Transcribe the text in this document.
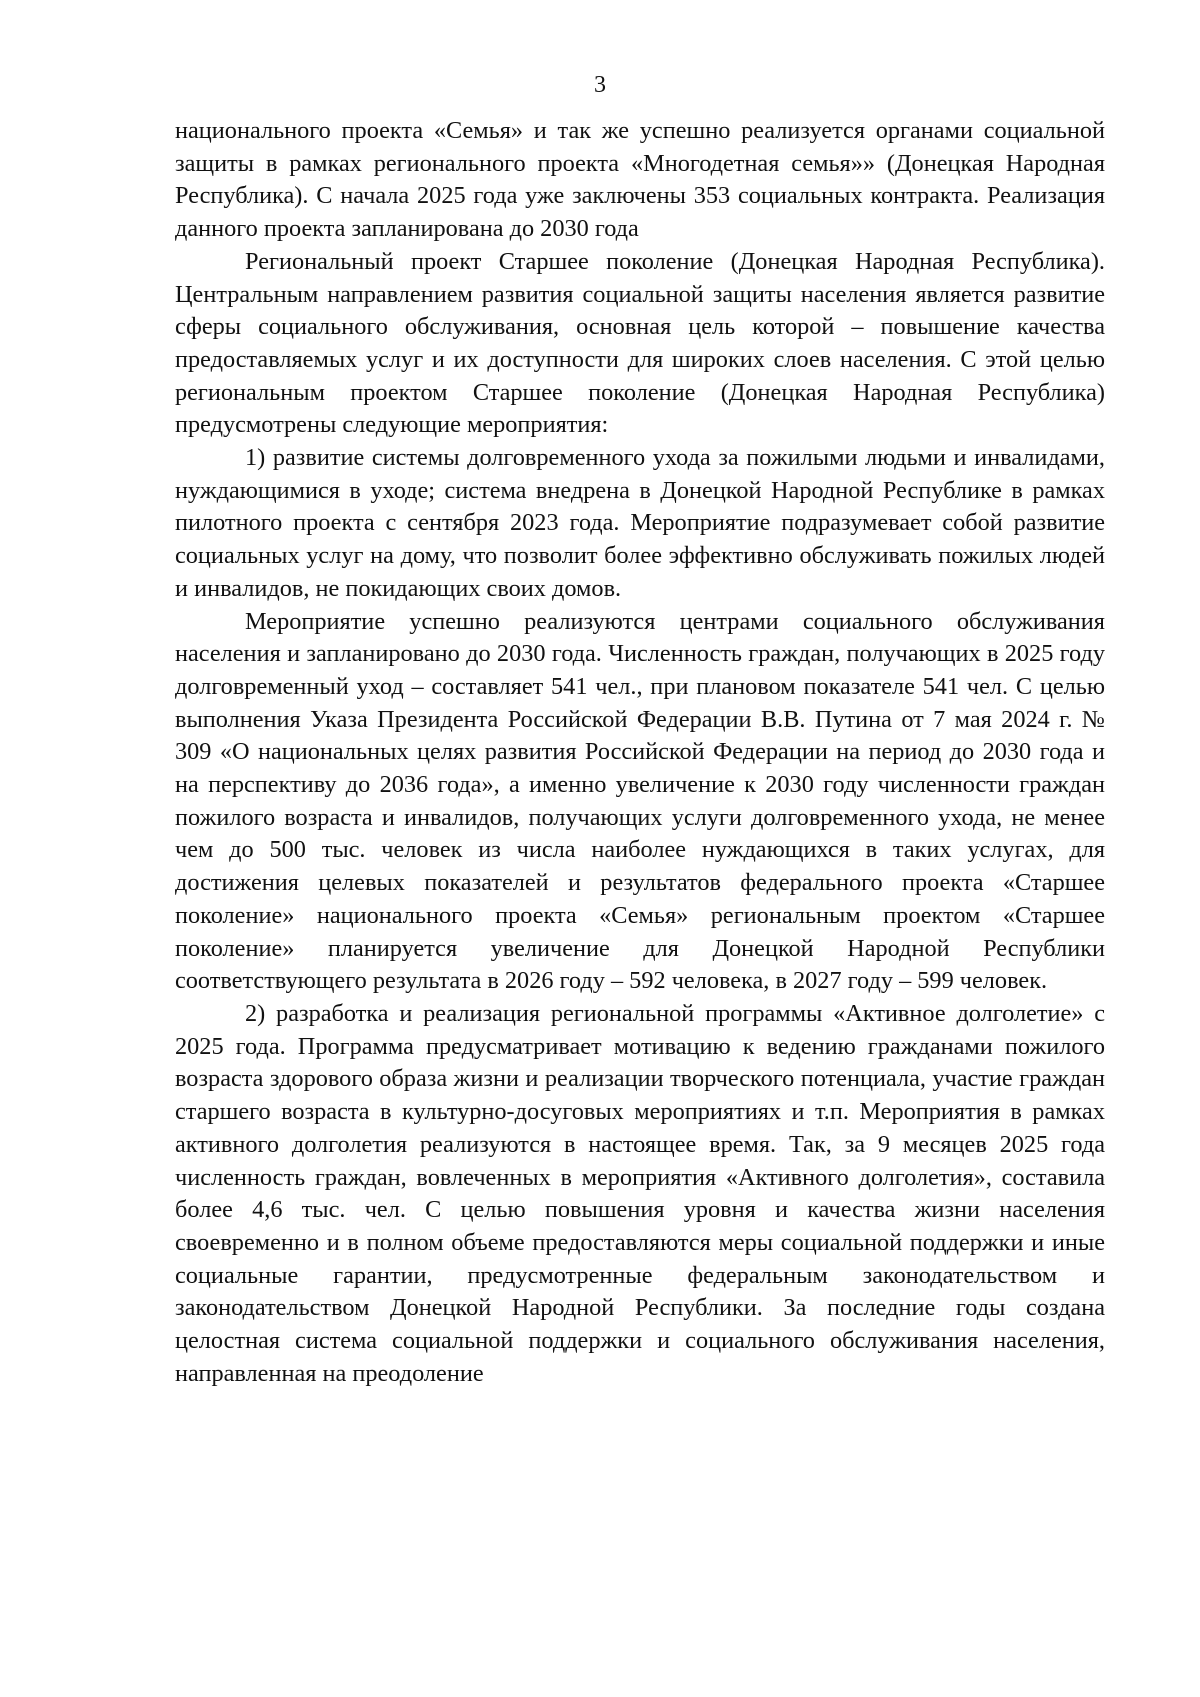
3

национального проекта «Семья» и так же успешно реализуется органами социальной защиты в рамках регионального проекта «Многодетная семья»» (Донецкая Народная Республика). С начала 2025 года уже заключены 353 социальных контракта. Реализация данного проекта запланирована до 2030 года

Региональный проект Старшее поколение (Донецкая Народная Республика). Центральным направлением развития социальной защиты населения является развитие сферы социального обслуживания, основная цель которой – повышение качества предоставляемых услуг и их доступности для широких слоев населения. С этой целью региональным проектом Старшее поколение (Донецкая Народная Республика) предусмотрены следующие мероприятия:

1) развитие системы долговременного ухода за пожилыми людьми и инвалидами, нуждающимися в уходе; система внедрена в Донецкой Народной Республике в рамках пилотного проекта с сентября 2023 года. Мероприятие подразумевает собой развитие социальных услуг на дому, что позволит более эффективно обслуживать пожилых людей и инвалидов, не покидающих своих домов.

Мероприятие успешно реализуются центрами социального обслуживания населения и запланировано до 2030 года. Численность граждан, получающих в 2025 году долговременный уход – составляет 541 чел., при плановом показателе 541 чел. С целью выполнения Указа Президента Российской Федерации В.В. Путина от 7 мая 2024 г. № 309 «О национальных целях развития Российской Федерации на период до 2030 года и на перспективу до 2036 года», а именно увеличение к 2030 году численности граждан пожилого возраста и инвалидов, получающих услуги долговременного ухода, не менее чем до 500 тыс. человек из числа наиболее нуждающихся в таких услугах, для достижения целевых показателей и результатов федерального проекта «Старшее поколение» национального проекта «Семья» региональным проектом «Старшее поколение» планируется увеличение для Донецкой Народной Республики соответствующего результата в 2026 году – 592 человека, в 2027 году – 599 человек.

2) разработка и реализация региональной программы «Активное долголетие» с 2025 года. Программа предусматривает мотивацию к ведению гражданами пожилого возраста здорового образа жизни и реализации творческого потенциала, участие граждан старшего возраста в культурно-досуговых мероприятиях и т.п. Мероприятия в рамках активного долголетия реализуются в настоящее время. Так, за 9 месяцев 2025 года численность граждан, вовлеченных в мероприятия «Активного долголетия», составила более 4,6 тыс. чел. С целью повышения уровня и качества жизни населения своевременно и в полном объеме предоставляются меры социальной поддержки и иные социальные гарантии, предусмотренные федеральным законодательством и законодательством Донецкой Народной Республики. За последние годы создана целостная система социальной поддержки и социального обслуживания населения, направленная на преодоление
